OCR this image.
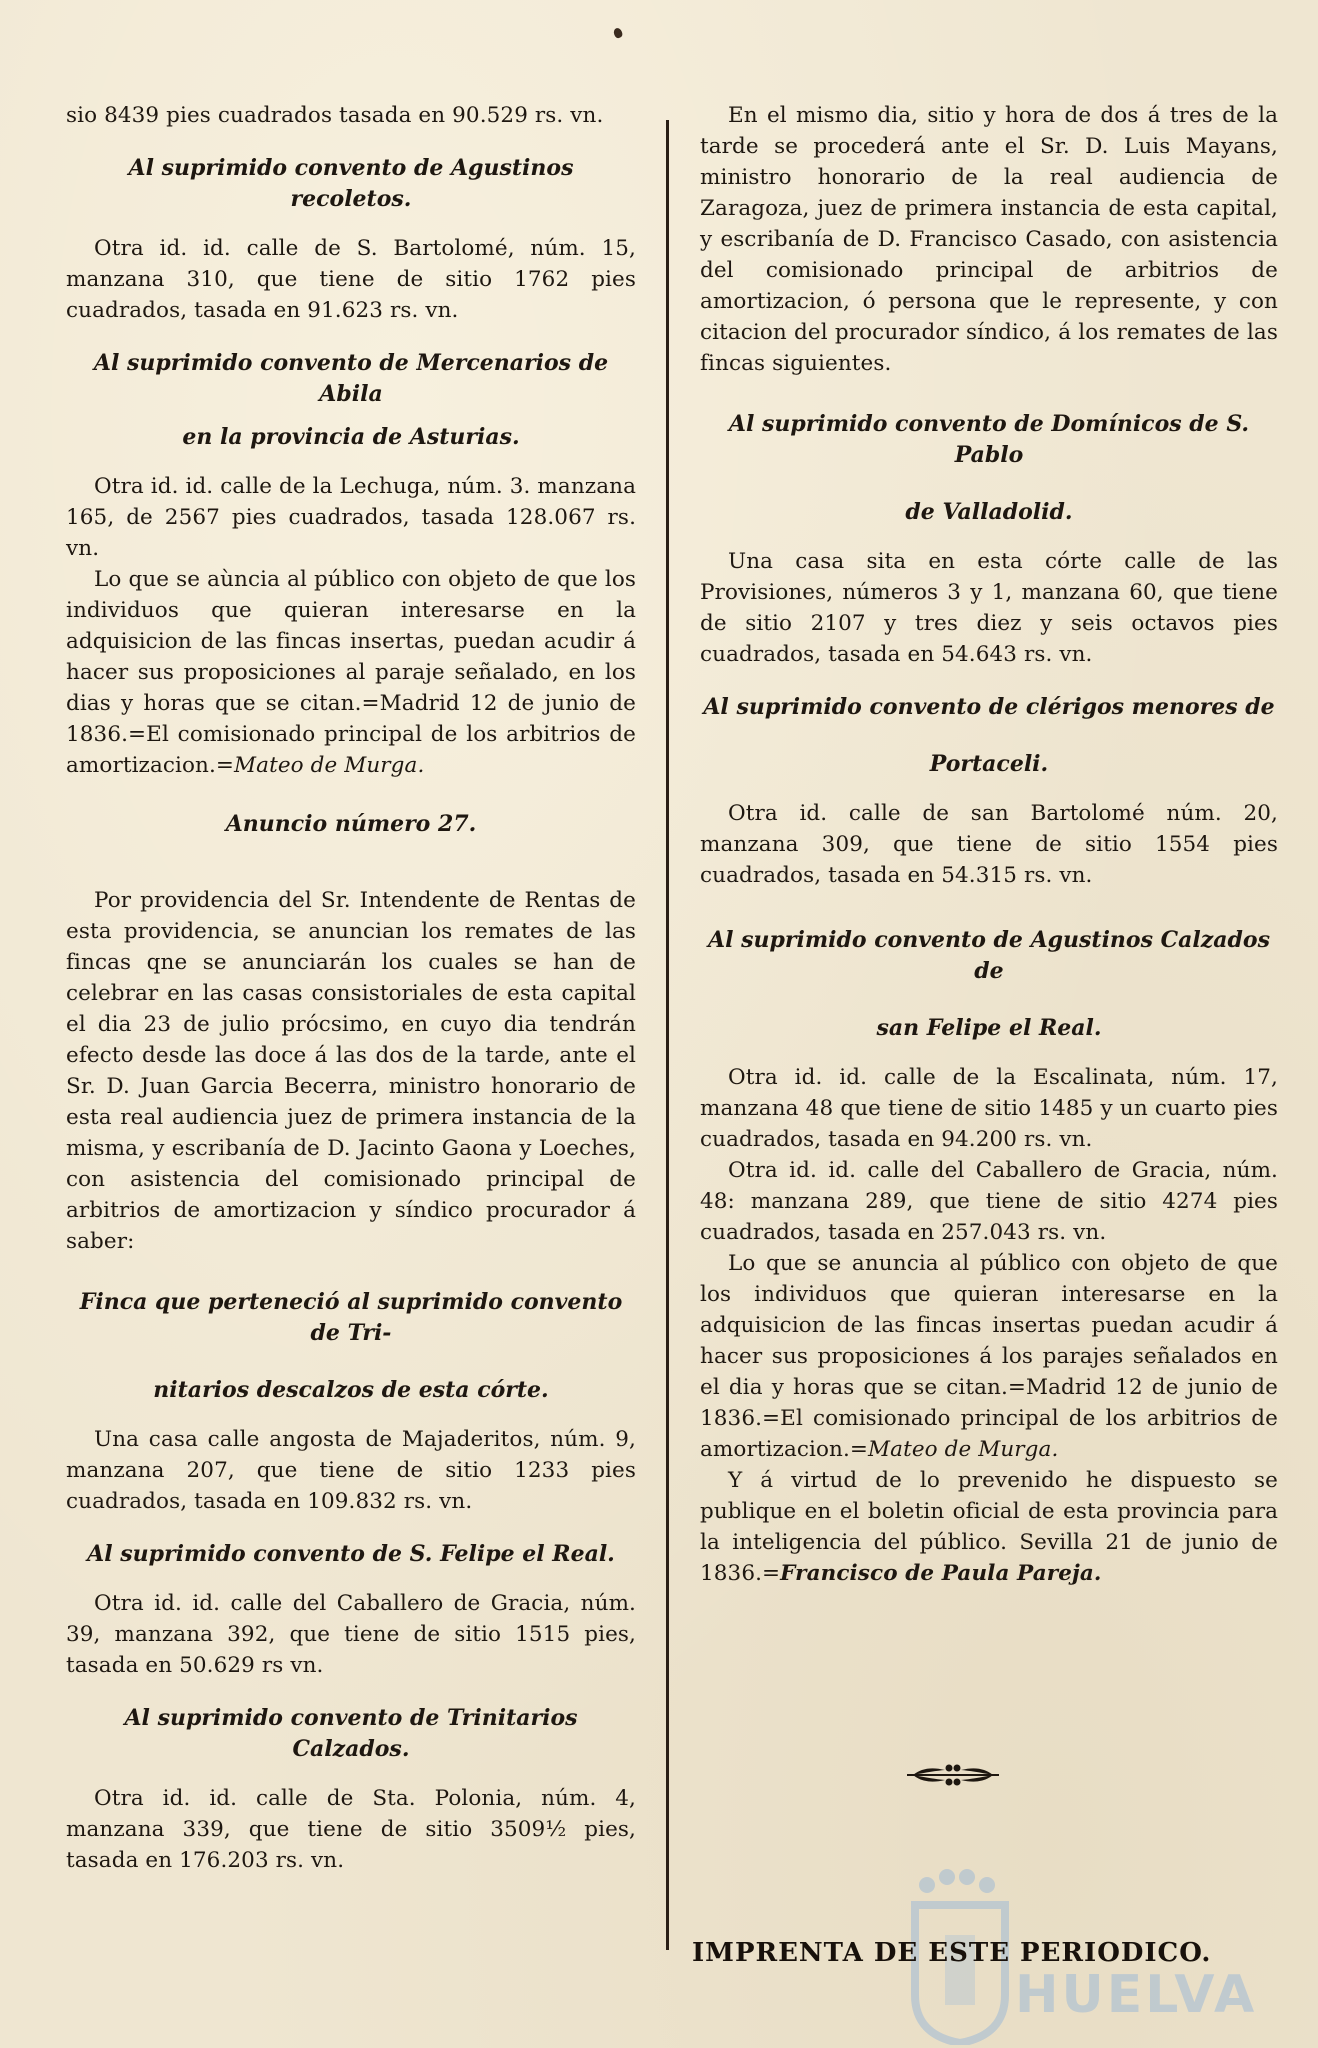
sio 8439 pies cuadrados tasada en 90.529 rs. vn.

Al suprimido convento de Agustinos recoletos.

Otra id. id. calle de S. Bartolomé, núm. 15, manzana 310, que tiene de sitio 1762 pies cuadrados, tasada en 91.623 rs. vn.

Al suprimido convento de Mercenarios de Abila
en la provincia de Asturias.

Otra id. id. calle de la Lechuga, núm. 3. manzana 165, de 2567 pies cuadrados, tasada 128.067 rs. vn.

Lo que se aùncia al público con objeto de que los individuos que quieran interesarse en la adquisicion de las fincas insertas, puedan acudir á hacer sus proposiciones al paraje señalado, en los dias y horas que se citan.=Madrid 12 de junio de 1836.=El comisionado principal de los arbitrios de amortizacion.=Mateo de Murga.

Anuncio número 27.

Por providencia del Sr. Intendente de Rentas de esta providencia, se anuncian los remates de las fincas qne se anunciarán los cuales se han de celebrar en las casas consistoriales de esta capital el dia 23 de julio prócsimo, en cuyo dia tendrán efecto desde las doce á las dos de la tarde, ante el Sr. D. Juan Garcia Becerra, ministro honorario de esta real audiencia juez de primera instancia de la misma, y escribanía de D. Jacinto Gaona y Loeches, con asistencia del comisionado principal de arbitrios de amortizacion y síndico procurador á saber:

Finca que perteneció al suprimido convento de Tri-
nitarios descalzos de esta córte.

Una casa calle angosta de Majaderitos, núm. 9, manzana 207, que tiene de sitio 1233 pies cuadrados, tasada en 109.832 rs. vn.

Al suprimido convento de S. Felipe el Real.

Otra id. id. calle del Caballero de Gracia, núm. 39, manzana 392, que tiene de sitio 1515 pies, tasada en 50.629 rs vn.

Al suprimido convento de Trinitarios Calzados.

Otra id. id. calle de Sta. Polonia, núm. 4, manzana 339, que tiene de sitio 3509½ pies, tasada en 176.203 rs. vn.

En el mismo dia, sitio y hora de dos á tres de la tarde se procederá ante el Sr. D. Luis Mayans, ministro honorario de la real audiencia de Zaragoza, juez de primera instancia de esta capital, y escribanía de D. Francisco Casado, con asistencia del comisionado principal de arbitrios de amortizacion, ó persona que le represente, y con citacion del procurador síndico, á los remates de las fincas siguientes.

Al suprimido convento de Domínicos de S. Pablo
de Valladolid.

Una casa sita en esta córte calle de las Provisiones, números 3 y 1, manzana 60, que tiene de sitio 2107 y tres diez y seis octavos pies cuadrados, tasada en 54.643 rs. vn.

Al suprimido convento de clérigos menores de
Portaceli.

Otra id. calle de san Bartolomé núm. 20, manzana 309, que tiene de sitio 1554 pies cuadrados, tasada en 54.315 rs. vn.

Al suprimido convento de Agustinos Calzados de
san Felipe el Real.

Otra id. id. calle de la Escalinata, núm. 17, manzana 48 que tiene de sitio 1485 y un cuarto pies cuadrados, tasada en 94.200 rs. vn.

Otra id. id. calle del Caballero de Gracia, núm. 48: manzana 289, que tiene de sitio 4274 pies cuadrados, tasada en 257.043 rs. vn.

Lo que se anuncia al público con objeto de que los individuos que quieran interesarse en la adquisicion de las fincas insertas puedan acudir á hacer sus proposiciones á los parajes señalados en el dia y horas que se citan.=Madrid 12 de junio de 1836.=El comisionado principal de los arbitrios de amortizacion.=Mateo de Murga.

Y á virtud de lo prevenido he dispuesto se publique en el boletin oficial de esta provincia para la inteligencia del público. Sevilla 21 de junio de 1836.=Francisco de Paula Pareja.

HUELVA
IMPRENTA DE ESTE PERIODICO.
